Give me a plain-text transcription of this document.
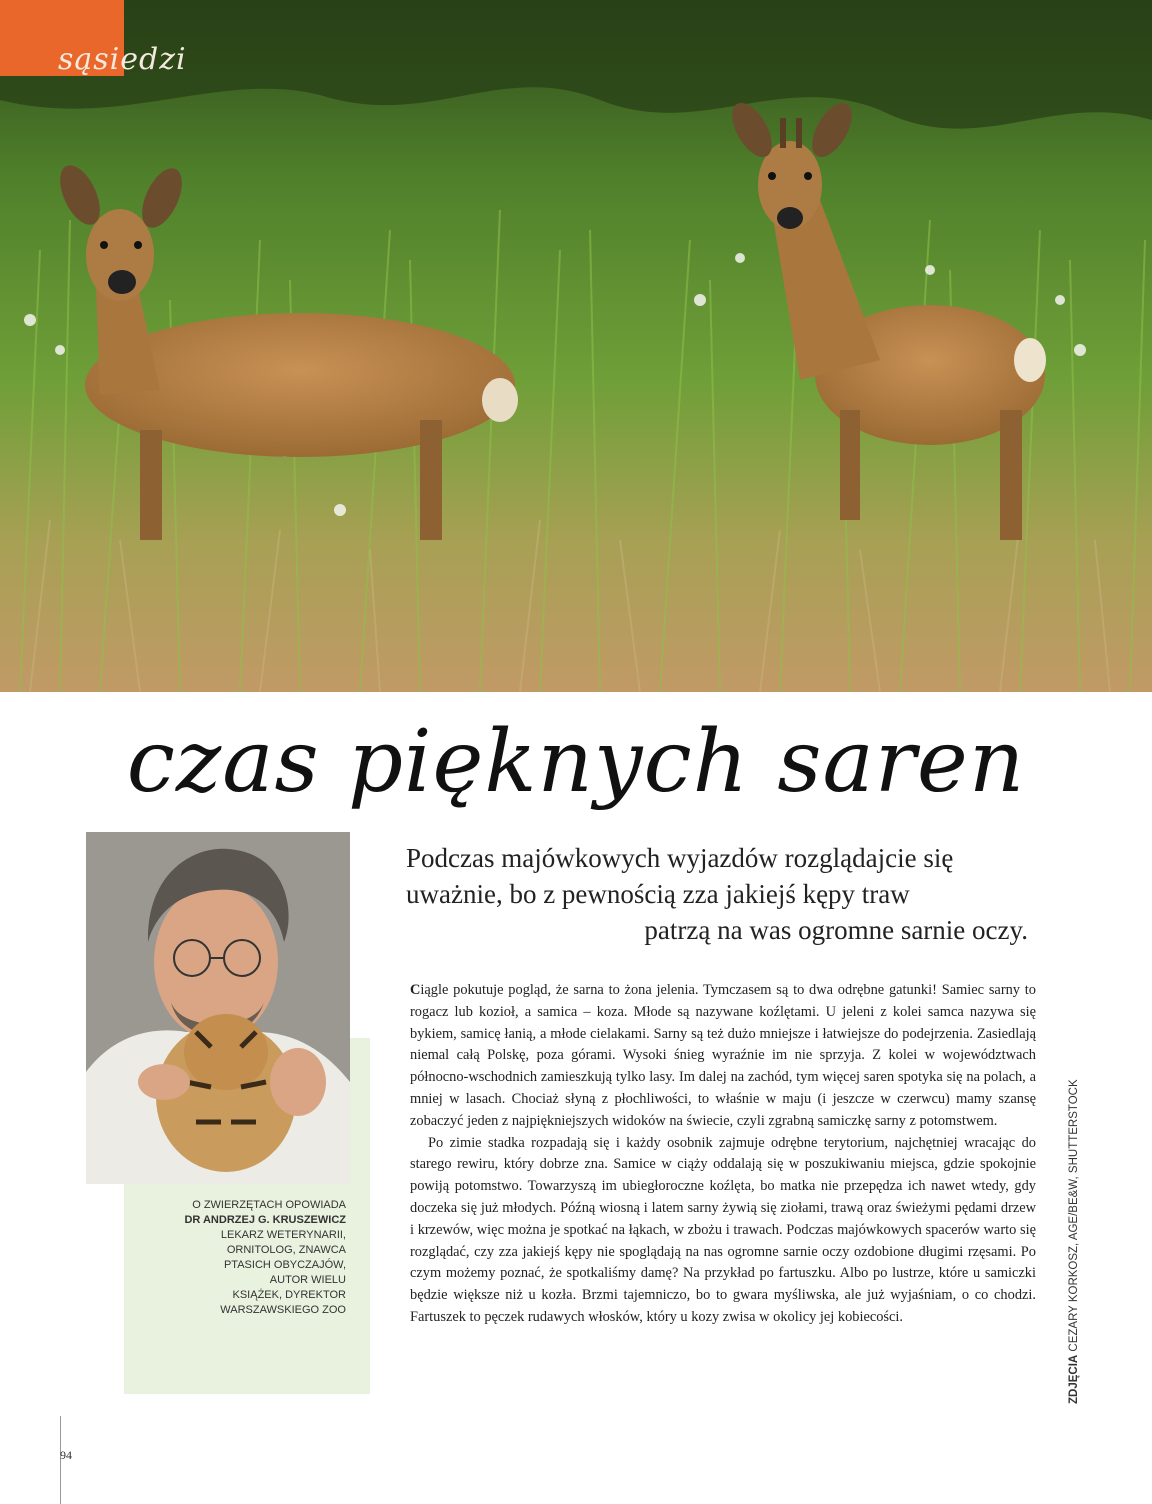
sąsiedzi
czas pięknych saren
O ZWIERZĘTACH OPOWIADA
DR ANDRZEJ G. KRUSZEWICZ
LEKARZ WETERYNARII,
ORNITOLOG, ZNAWCA
PTASICH OBYCZAJÓW,
AUTOR WIELU
KSIĄŻEK, DYREKTOR
WARSZAWSKIEGO ZOO
Podczas majówkowych wyjazdów rozglądajcie się
uważnie, bo z pewnością zza jakiejś kępy traw
patrzą na was ogromne sarnie oczy.

Ciągle pokutuje pogląd, że sarna to żona jelenia. Tymczasem są to dwa odrębne gatunki! Samiec sarny to rogacz lub kozioł, a samica – koza. Młode są nazywane koźlętami. U jeleni z kolei samca nazywa się bykiem, samicę łanią, a młode cielakami. Sarny są też dużo mniejsze i łatwiejsze do podejrzenia. Zasiedlają niemal całą Polskę, poza górami. Wysoki śnieg wyraźnie im nie sprzyja. Z kolei w województwach północno-wschodnich zamieszkują tylko lasy. Im dalej na zachód, tym więcej saren spotyka się na polach, a mniej w lasach. Chociaż słyną z płochliwości, to właśnie w maju (i jeszcze w czerwcu) mamy szansę zobaczyć jeden z najpiękniejszych widoków na świecie, czyli zgrabną samiczkę sarny z potomstwem.

Po zimie stadka rozpadają się i każdy osobnik zajmuje odrębne terytorium, najchętniej wracając do starego rewiru, który dobrze zna. Samice w ciąży oddalają się w poszukiwaniu miejsca, gdzie spokojnie powiją potomstwo. Towarzyszą im ubiegłoroczne koźlęta, bo matka nie przepędza ich nawet wtedy, gdy doczeka się już młodych. Późną wiosną i latem sarny żywią się ziołami, trawą oraz świeżymi pędami drzew i krzewów, więc można je spotkać na łąkach, w zbożu i trawach. Podczas majówkowych spacerów warto się rozglądać, czy zza jakiejś kępy nie spoglądają na nas ogromne sarnie oczy ozdobione długimi rzęsami. Po czym możemy poznać, że spotkaliśmy damę? Na przykład po fartuszku. Albo po lustrze, które u samiczki będzie większe niż u kozła. Brzmi tajemniczo, bo to gwara myśliwska, ale już wyjaśniam, o co chodzi. Fartuszek to pęczek rudawych włosków, który u kozy zwisa w okolicy jej kobiecości.

ZDJĘCIA CEZARY KORKOSZ, AGE/BE&W, SHUTTERSTOCK
94
